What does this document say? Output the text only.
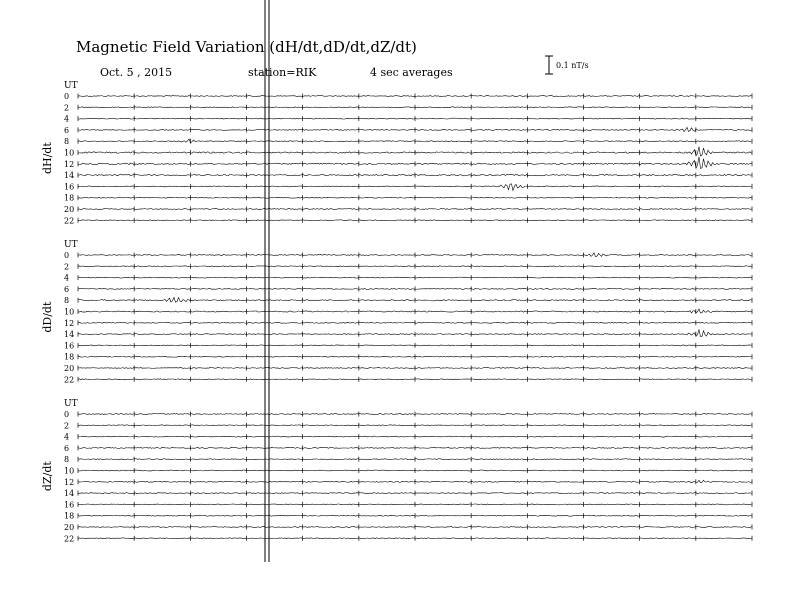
Magnetic Field Variation (dH/dt,dD/dt,dZ/dt)
Oct. 5 , 2015	station=RIK	4 sec averages
0.1 nT/s
UT
dH/dt
0
2
4
6
8
10
12
14
16
18
20
22
UT
dD/dt
0
2
4
6
8
10
12
14
16
18
20
22
UT
dZ/dt
0
2
4
6
8
10
12
14
16
18
20
22
